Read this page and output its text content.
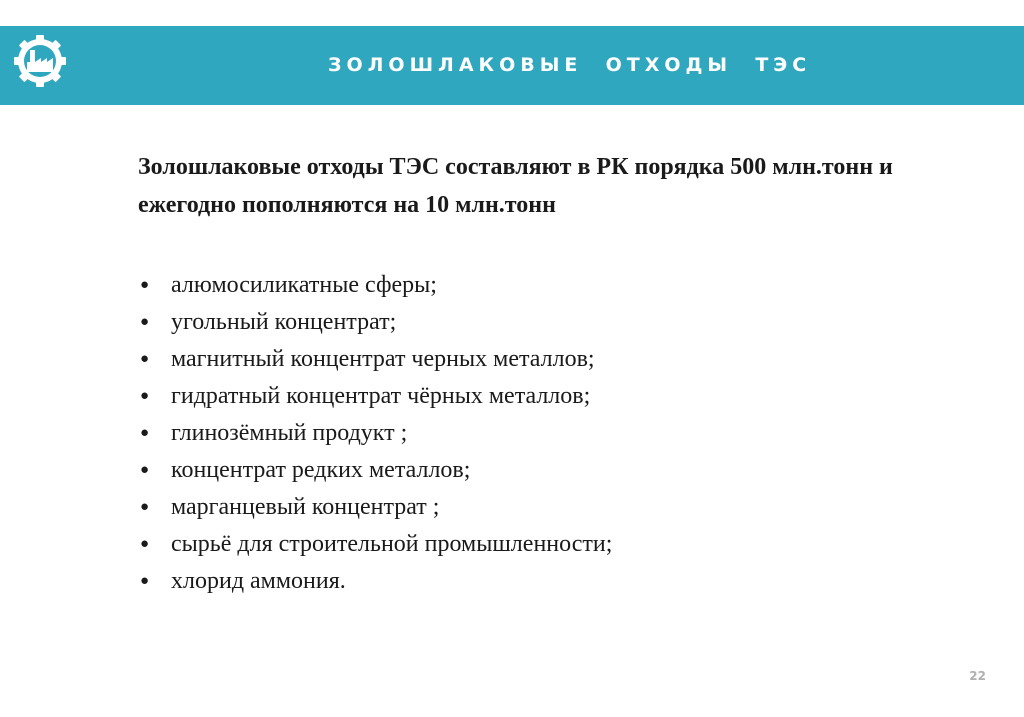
ЗОЛОШЛАКОВЫЕ  ОТХОДЫ  ТЭС

Золошлаковые отходы ТЭС составляют в РК порядка 500 млн.тонн и ежегодно пополняются на 10 млн.тонн

● алюмосиликатные сферы;
● угольный концентрат;
● магнитный концентрат черных металлов;
● гидратный концентрат чёрных металлов;
● глинозёмный продукт ;
● концентрат редких металлов;
● марганцевый концентрат ;
● сырьё для строительной промышленности;
● хлорид аммония.
22
